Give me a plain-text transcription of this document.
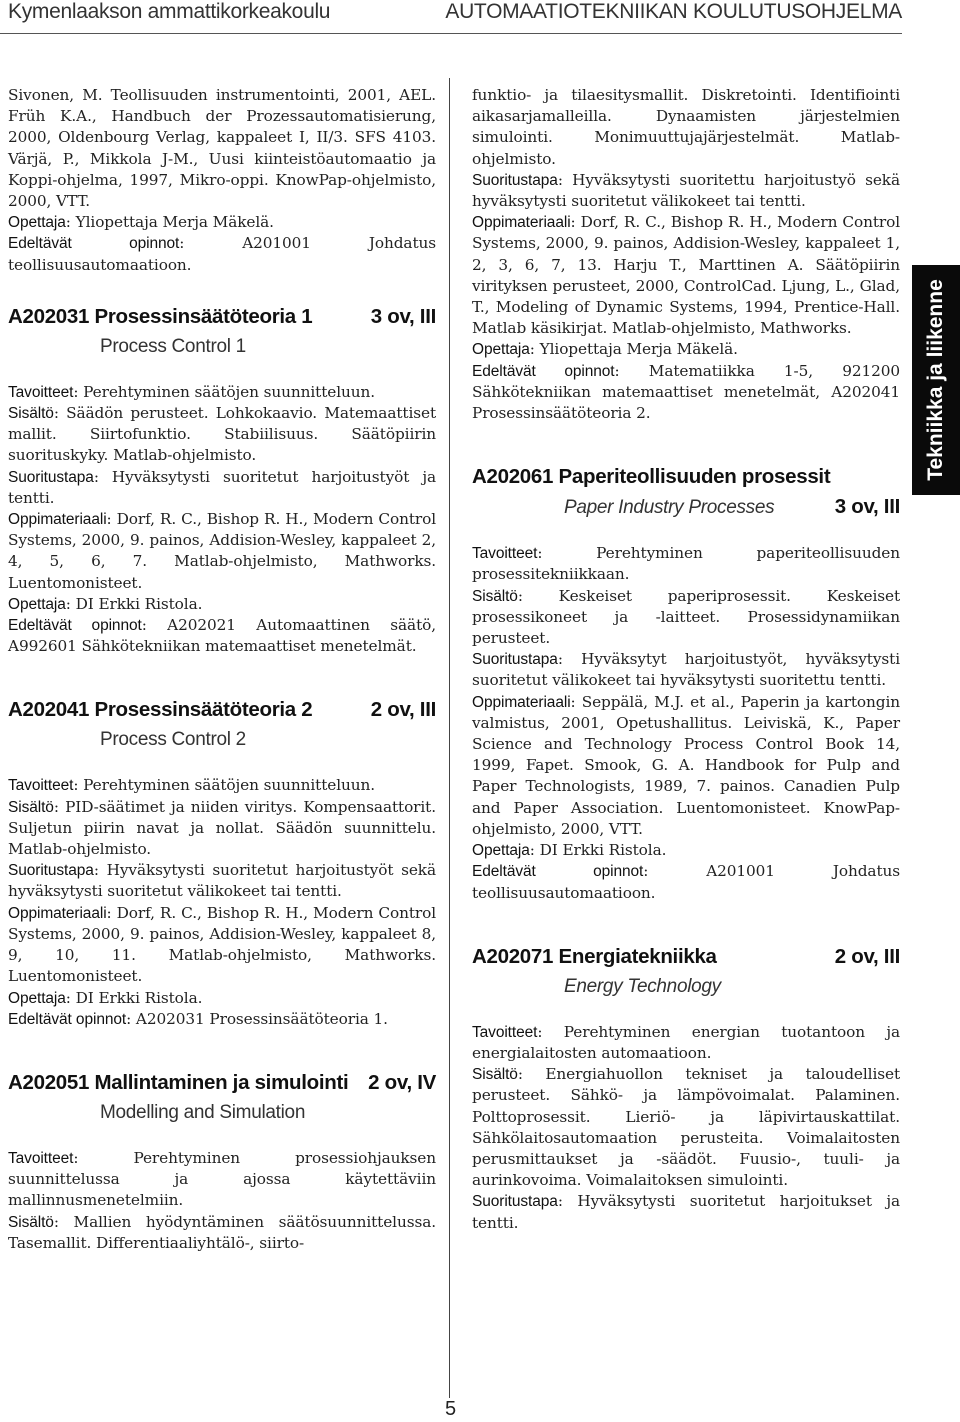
Kymenlaakson ammattikorkeakoulu	AUTOMAATIOTEKNIIKAN KOULUTUSOHJELMA
Tekniikka ja liikenne
5

Sivonen, M. Teollisuuden instrumentointi, 2001, AEL. Früh K.A., Handbuch der Prozessautomatisierung, 2000, Oldenbourg Verlag, kappaleet I, II/3. SFS 4103. Värjä, P., Mikkola J-M., Uusi kiinteistöautomaatio ja Koppi-ohjelma, 1997, Mikro-oppi. KnowPap-ohjelmisto, 2000, VTT.

Opettaja: Yliopettaja Merja Mäkelä.

Edeltävät opinnot: A201001 Johdatus teollisuusautomaatioon.

A202031 Prosessinsäätöteoria 1	3 ov, III
Process Control 1

Tavoitteet: Perehtyminen säätöjen suunnitteluun.

Sisältö: Säädön perusteet. Lohkokaavio. Matemaattiset mallit. Siirtofunktio. Stabiilisuus. Säätöpiirin suorituskyky. Matlab-ohjelmisto.

Suoritustapa: Hyväksytysti suoritetut harjoitustyöt ja tentti.

Oppimateriaali: Dorf, R. C., Bishop R. H., Modern Control Systems, 2000, 9. painos, Addision-Wesley, kappaleet 2, 4, 5, 6, 7. Matlab-ohjelmisto, Mathworks. Luentomonisteet.

Opettaja: DI Erkki Ristola.

Edeltävät opinnot: A202021 Automaattinen säätö, A992601 Sähkötekniikan matemaattiset menetelmät.

A202041 Prosessinsäätöteoria 2	2 ov, III
Process Control 2

Tavoitteet: Perehtyminen säätöjen suunnitteluun.

Sisältö: PID-säätimet ja niiden viritys. Kompensaattorit. Suljetun piirin navat ja nollat. Säädön suunnittelu. Matlab-ohjelmisto.

Suoritustapa: Hyväksytysti suoritetut harjoitustyöt sekä hyväksytysti suoritetut välikokeet tai tentti.

Oppimateriaali: Dorf, R. C., Bishop R. H., Modern Control Systems, 2000, 9. painos, Addision-Wesley, kappaleet 8, 9, 10, 11. Matlab-ohjelmisto, Mathworks. Luentomonisteet.

Opettaja: DI Erkki Ristola.

Edeltävät opinnot: A202031 Prosessinsäätöteoria 1.

A202051 Mallintaminen ja simulointi 2 ov, IV
Modelling and Simulation

Tavoitteet: Perehtyminen prosessiohjauksen suunnittelussa ja ajossa käytettäviin mallinnusmenetelmiin.

Sisältö: Mallien hyödyntäminen säätösuunnittelussa. Tasemallit. Differentiaaliyhtälö-, siirto-

funktio- ja tilaesitysmallit. Diskretointi. Identifiointi aikasarjamalleilla. Dynaamisten järjestelmien simulointi. Monimuuttujajärjestelmät. Matlab-ohjelmisto.

Suoritustapa: Hyväksytysti suoritettu harjoitustyö sekä hyväksytysti suoritetut välikokeet tai tentti.

Oppimateriaali: Dorf, R. C., Bishop R. H., Modern Control Systems, 2000, 9. painos, Addision-Wesley, kappaleet 1, 2, 3, 6, 7, 13. Harju T., Marttinen A. Säätöpiirin virityksen perusteet, 2000, ControlCad. Ljung, L., Glad, T., Modeling of Dynamic Systems, 1994, Prentice-Hall. Matlab käsikirjat. Matlab-ohjelmisto, Mathworks.

Opettaja: Yliopettaja Merja Mäkelä.

Edeltävät opinnot: Matematiikka 1-5, 921200 Sähkötekniikan matemaattiset menetelmät, A202041 Prosessinsäätöteoria 2.

A202061 Paperiteollisuuden prosessit
Paper Industry Processes	3 ov, III

Tavoitteet: Perehtyminen paperiteollisuuden prosessitekniikkaan.

Sisältö: Keskeiset paperiprosessit. Keskeiset prosessikoneet ja -laitteet. Prosessidynamiikan perusteet.

Suoritustapa: Hyväksytyt harjoitustyöt, hyväksytysti suoritetut välikokeet tai hyväksytysti suoritettu tentti.

Oppimateriaali: Seppälä, M.J. et al., Paperin ja kartongin valmistus, 2001, Opetushallitus. Leiviskä, K., Paper Science and Technology Process Control Book 14, 1999, Fapet. Smook, G. A. Handbook for Pulp and Paper Technologists, 1989, 7. painos. Canadien Pulp and Paper Association. Luentomonisteet. KnowPap-ohjelmisto, 2000, VTT.

Opettaja: DI Erkki Ristola.

Edeltävät opinnot: A201001 Johdatus teollisuusautomaatioon.

A202071 Energiatekniikka	2 ov, III
Energy Technology

Tavoitteet: Perehtyminen energian tuotantoon ja energialaitosten automaatioon.

Sisältö: Energiahuollon tekniset ja taloudelliset perusteet. Sähkö- ja lämpövoimalat. Palaminen. Polttoprosessit. Lieriö- ja läpivirtauskattilat. Sähkölaitosautomaation perusteita. Voimalaitosten perusmittaukset ja -säädöt. Fuusio-, tuuli- ja aurinkovoima. Voimalaitoksen simulointi.

Suoritustapa: Hyväksytysti suoritetut harjoitukset ja tentti.
